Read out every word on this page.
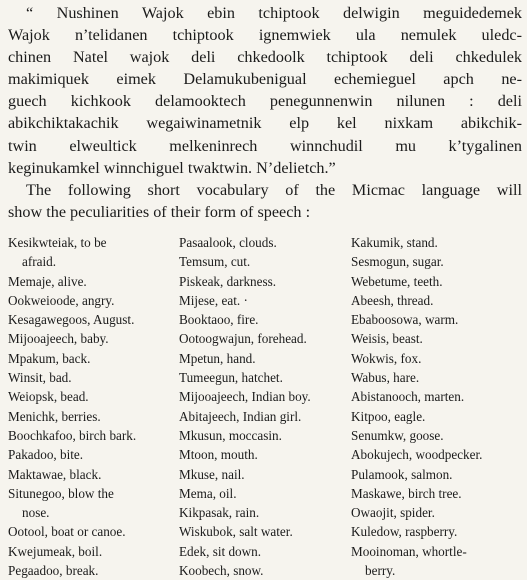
“ Nushinen Wajok ebin tchiptook delwigin meguidedemek
Wajok n’telidanen tchiptook ignemwiek ula nemulek uledc-
chinen Natel wajok deli chkedoolk tchiptook deli chkedulek
makimiquek eimek Delamukubenigual echemieguel apch ne-
guech kichkook delamooktech penegunnenwin nilunen : deli
abikchiktakachik wegaiwinametnik elp kel nixkam abikchik-
twin elweultick melkeninrech winnchudil mu k’tygalinen
keginukamkel winnchiguel twaktwin. N’delietch.”
The following short vocabulary of the Micmac language will
show the peculiarities of their form of speech :
Kesikwteiak, to be
afraid.
Memaje, alive.
Ookweioode, angry.
Kesagawegoos, August.
Mijooajeech, baby.
Mpakum, back.
Winsit, bad.
Weiopsk, bead.
Menichk, berries.
Boochkafoo, birch bark.
Pakadoo, bite.
Maktawae, black.
Situnegoo, blow the
nose.
Ootool, boat or canoe.
Kwejumeak, boil.
Pegaadoo, break.
Pasaalook, clouds.
Temsum, cut.
Piskeak, darkness.
Mijese, eat. ·
Booktaoo, fire.
Ootoogwajun, forehead.
Mpetun, hand.
Tumeegun, hatchet.
Mijooajeech, Indian boy.
Abitajeech, Indian girl.
Mkusun, moccasin.
Mtoon, mouth.
Mkuse, nail.
Mema, oil.
Kikpasak, rain.
Wiskubok, salt water.
Edek, sit down.
Koobech, snow.
Kakumik, stand.
Sesmogun, sugar.
Webetume, teeth.
Abeesh, thread.
Ebaboosowa, warm.
Weisis, beast.
Wokwis, fox.
Wabus, hare.
Abistanooch, marten.
Kitpoo, eagle.
Senumkw, goose.
Abokujech, woodpecker.
Pulamook, salmon.
Maskawe, birch tree.
Owaojit, spider.
Kuledow, raspberry.
Mooinoman, whortle-
berry.
